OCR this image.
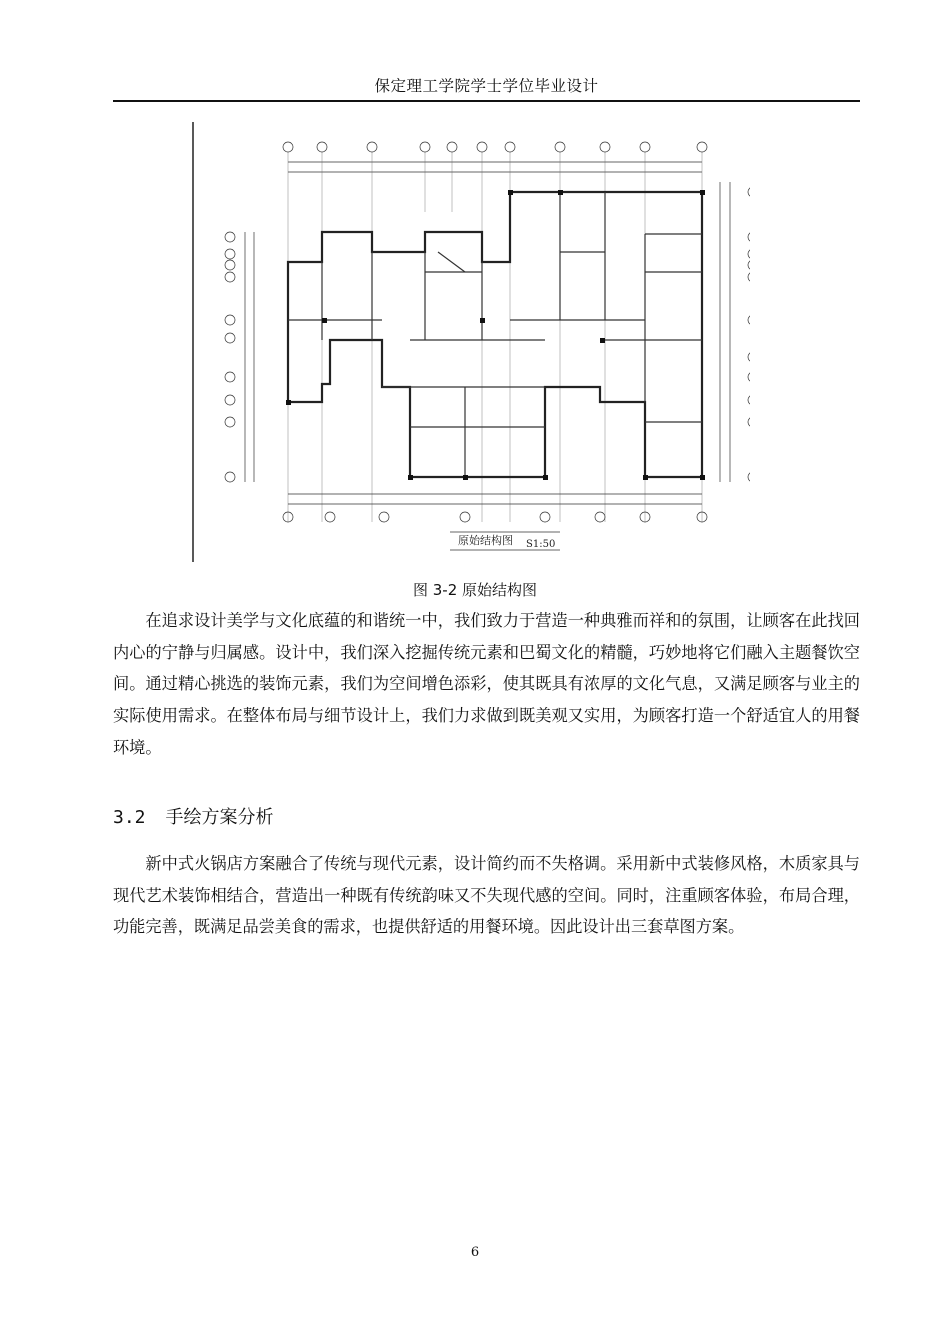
保定理工学院学士学位毕业设计
原始结构图 S1:50
图 3-2 原始结构图

在追求设计美学与文化底蕴的和谐统一中，我们致力于营造一种典雅而祥和的氛围，让顾客在此找回内心的宁静与归属感。设计中，我们深入挖掘传统元素和巴蜀文化的精髓，巧妙地将它们融入主题餐饮空间。通过精心挑选的装饰元素，我们为空间增色添彩，使其既具有浓厚的文化气息，又满足顾客与业主的实际使用需求。在整体布局与细节设计上，我们力求做到既美观又实用，为顾客打造一个舒适宜人的用餐环境。

3.2 手绘方案分析

新中式火锅店方案融合了传统与现代元素，设计简约而不失格调。采用新中式装修风格，木质家具与现代艺术装饰相结合，营造出一种既有传统韵味又不失现代感的空间。同时，注重顾客体验，布局合理，功能完善，既满足品尝美食的需求，也提供舒适的用餐环境。因此设计出三套草图方案。

6
